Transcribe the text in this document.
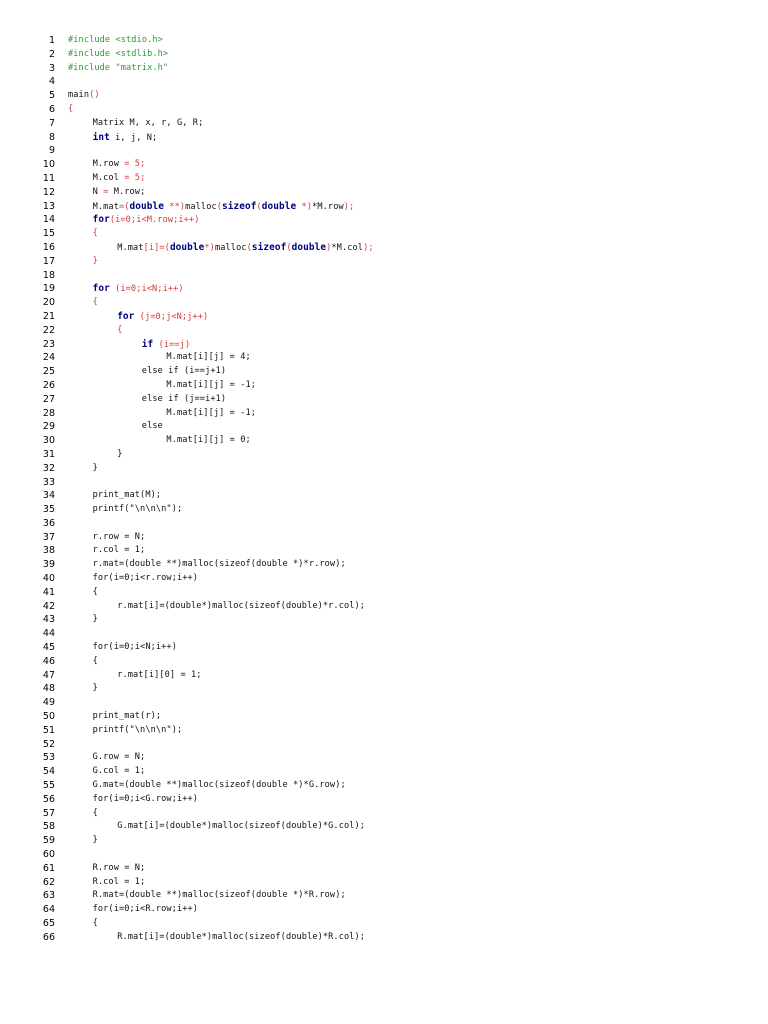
1 #include <stdio.h>
2 #include <stdlib.h>
3 #include "matrix.h"
4
5 main()
6 {
7	Matrix M, x, r, G, R;
8	int i, j, N;
9
10	M.row = 5;
11	M.col = 5;
12	N = M.row;
13	M.mat=(double **)malloc(sizeof(double *)*M.row);
14	for(i=0;i<M.row;i++)
15	{
16	M.mat[i]=(double*)malloc(sizeof(double)*M.col);
17	}
18
19	for (i=0;i<N;i++)
20	{
21	for (j=0;j<N;j++)
22	{
23	if (i==j)
24	M.mat[i][j] = 4;
25	else if (i==j+1)
26	M.mat[i][j] = -1;
27	else if (j==i+1)
28	M.mat[i][j] = -1;
29	else
30	M.mat[i][j] = 0;
31	}
32	}
33
34	print_mat(M);
35	printf("\n\n\n");
36
37	r.row = N;
38	r.col = 1;
39	r.mat=(double **)malloc(sizeof(double *)*r.row);
40	for(i=0;i<r.row;i++)
41	{
42	r.mat[i]=(double*)malloc(sizeof(double)*r.col);
43	}
44
45	for(i=0;i<N;i++)
46	{
47	r.mat[i][0] = 1;
48	}
49
50	print_mat(r);
51	printf("\n\n\n");
52
53	G.row = N;
54	G.col = 1;
55	G.mat=(double **)malloc(sizeof(double *)*G.row);
56	for(i=0;i<G.row;i++)
57	{
58	G.mat[i]=(double*)malloc(sizeof(double)*G.col);
59	}
60
61	R.row = N;
62	R.col = 1;
63	R.mat=(double **)malloc(sizeof(double *)*R.row);
64	for(i=0;i<R.row;i++)
65	{
66	R.mat[i]=(double*)malloc(sizeof(double)*R.col);
